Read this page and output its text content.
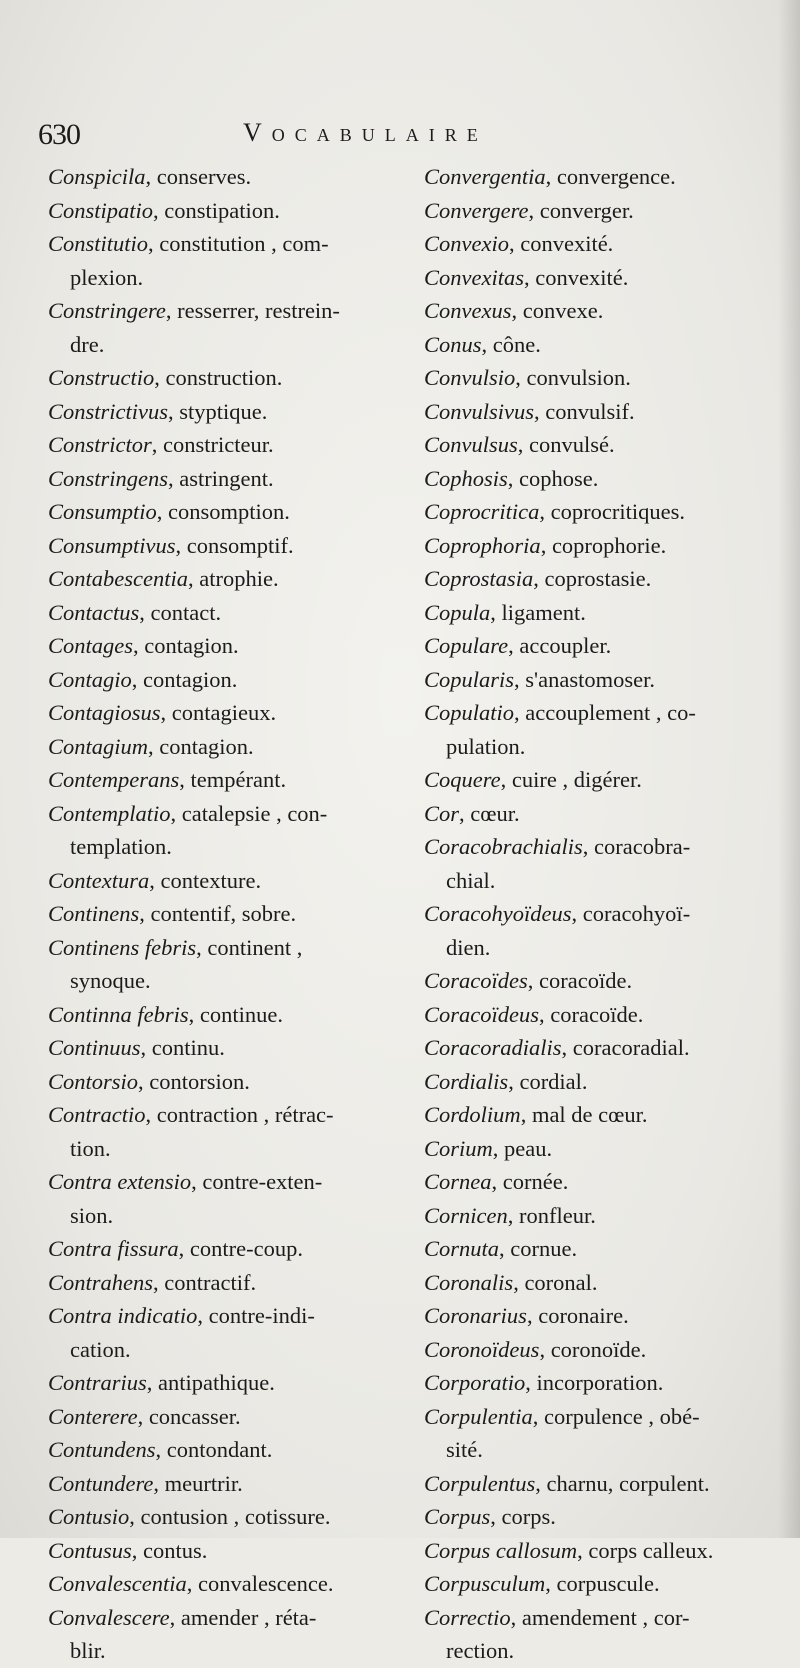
630	Vocabulaire
Conspicila, conserves.
Constipatio, constipation.
Constitutio, constitution , com-
plexion.
Constringere, resserrer, restrein-
dre.
Constructio, construction.
Constrictivus, styptique.
Constrictor, constricteur.
Constringens, astringent.
Consumptio, consomption.
Consumptivus, consomptif.
Contabescentia, atrophie.
Contactus, contact.
Contages, contagion.
Contagio, contagion.
Contagiosus, contagieux.
Contagium, contagion.
Contemperans, tempérant.
Contemplatio, catalepsie , con-
templation.
Contextura, contexture.
Continens, contentif, sobre.
Continens febris, continent ,
synoque.
Continna febris, continue.
Continuus, continu.
Contorsio, contorsion.
Contractio, contraction , rétrac-
tion.
Contra extensio, contre-exten-
sion.
Contra fissura, contre-coup.
Contrahens, contractif.
Contra indicatio, contre-indi-
cation.
Contrarius, antipathique.
Conterere, concasser.
Contundens, contondant.
Contundere, meurtrir.
Contusio, contusion , cotissure.
Contusus, contus.
Convalescentia, convalescence.
Convalescere, amender , réta-
blir.
Convergentia, convergence.
Convergere, converger.
Convexio, convexité.
Convexitas, convexité.
Convexus, convexe.
Conus, cône.
Convulsio, convulsion.
Convulsivus, convulsif.
Convulsus, convulsé.
Cophosis, cophose.
Coprocritica, coprocritiques.
Coprophoria, coprophorie.
Coprostasia, coprostasie.
Copula, ligament.
Copulare, accoupler.
Copularis, s'anastomoser.
Copulatio, accouplement , co-
pulation.
Coquere, cuire , digérer.
Cor, cœur.
Coracobrachialis, coracobra-
chial.
Coracohyoïdeus, coracohyoï-
dien.
Coracoïdes, coracoïde.
Coracoïdeus, coracoïde.
Coracoradialis, coracoradial.
Cordialis, cordial.
Cordolium, mal de cœur.
Corium, peau.
Cornea, cornée.
Cornicen, ronfleur.
Cornuta, cornue.
Coronalis, coronal.
Coronarius, coronaire.
Coronoïdeus, coronoïde.
Corporatio, incorporation.
Corpulentia, corpulence , obé-
sité.
Corpulentus, charnu, corpulent.
Corpus, corps.
Corpus callosum, corps calleux.
Corpusculum, corpuscule.
Correctio, amendement , cor-
rection.
